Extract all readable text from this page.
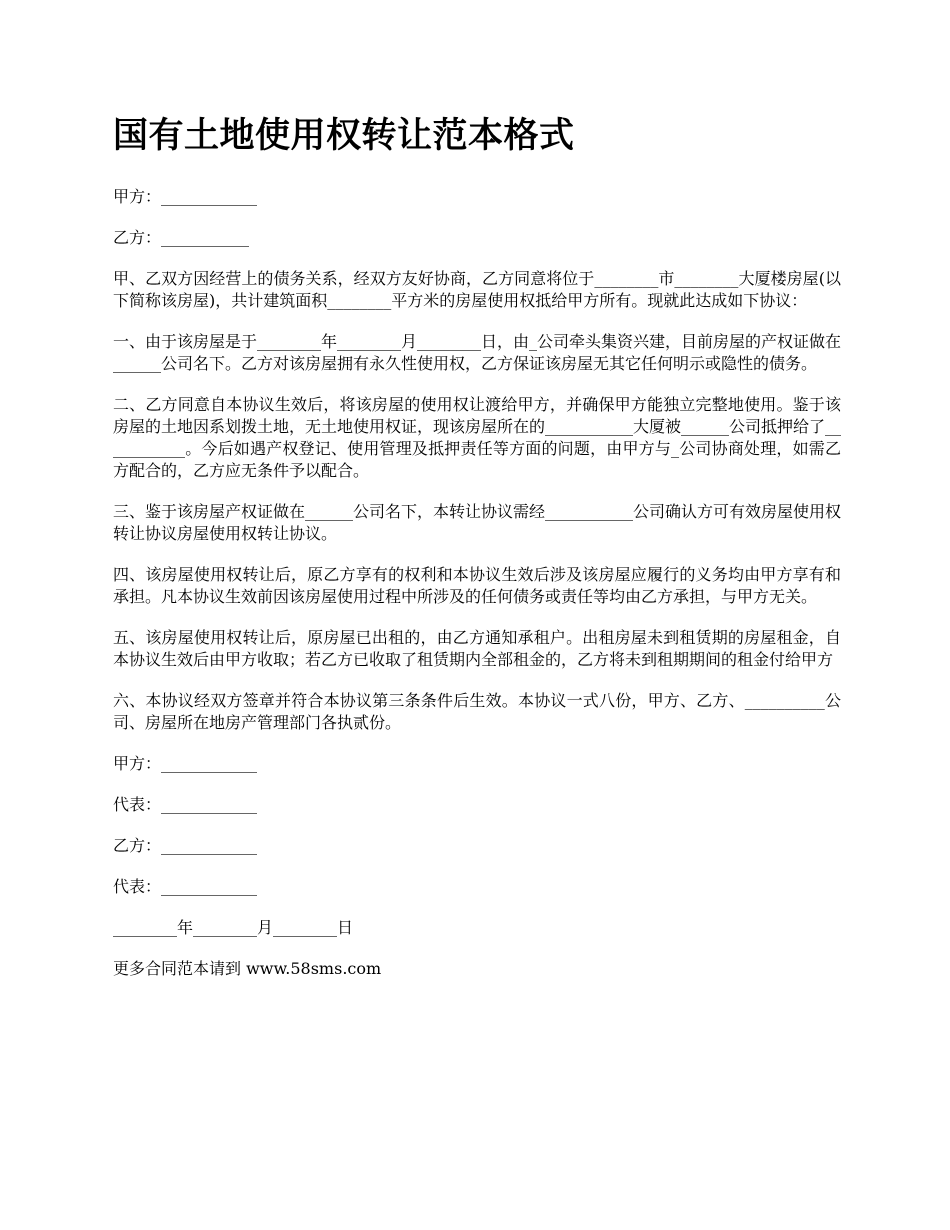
国有土地使用权转让范本格式

甲方：____________

乙方：___________

甲、乙双方因经营上的债务关系，经双方友好协商，乙方同意将位于________市________大厦楼房屋(以下简称该房屋)，共计建筑面积________平方米的房屋使用权抵给甲方所有。现就此达成如下协议：

一、由于该房屋是于________年________月________日，由_公司牵头集资兴建，目前房屋的产权证做在______公司名下。乙方对该房屋拥有永久性使用权，乙方保证该房屋无其它任何明示或隐性的债务。

二、乙方同意自本协议生效后，将该房屋的使用权让渡给甲方，并确保甲方能独立完整地使用。鉴于该房屋的土地因系划拨土地，无土地使用权证，现该房屋所在的___________大厦被______公司抵押给了___________。今后如遇产权登记、使用管理及抵押责任等方面的问题，由甲方与_公司协商处理，如需乙方配合的，乙方应无条件予以配合。

三、鉴于该房屋产权证做在______公司名下，本转让协议需经___________公司确认方可有效房屋使用权转让协议房屋使用权转让协议。

四、该房屋使用权转让后，原乙方享有的权利和本协议生效后涉及该房屋应履行的义务均由甲方享有和承担。凡本协议生效前因该房屋使用过程中所涉及的任何债务或责任等均由乙方承担，与甲方无关。

五、该房屋使用权转让后，原房屋已出租的，由乙方通知承租户。出租房屋未到租赁期的房屋租金，自本协议生效后由甲方收取；若乙方已收取了租赁期内全部租金的，乙方将未到租期期间的租金付给甲方

六、本协议经双方签章并符合本协议第三条条件后生效。本协议一式八份，甲方、乙方、__________公司、房屋所在地房产管理部门各执贰份。

甲方：____________

代表：____________

乙方：____________

代表：____________

________年________月________日

更多合同范本请到 www.58sms.com
